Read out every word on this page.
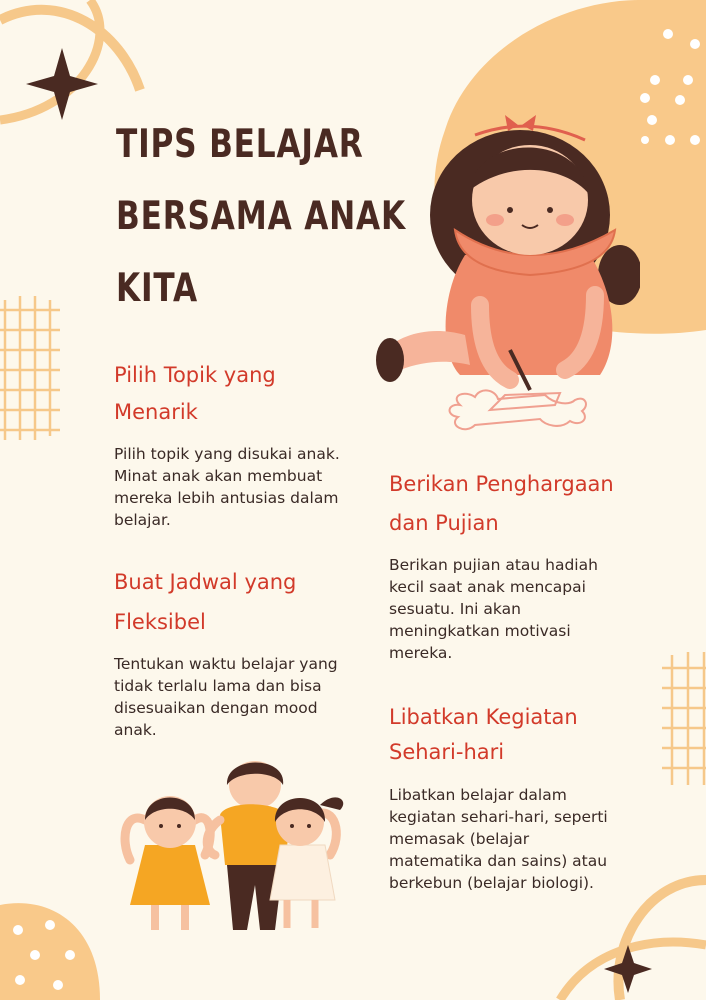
TIPS BELAJAR
BERSAMA ANAK
KITA
Pilih Topik yang
Menarik
Pilih topik yang disukai anak.
Minat anak akan membuat
mereka lebih antusias dalam
belajar.
Buat Jadwal yang
Fleksibel
Tentukan waktu belajar yang
tidak terlalu lama dan bisa
disesuaikan dengan mood
anak.
Berikan Penghargaan
dan Pujian
Berikan pujian atau hadiah
kecil saat anak mencapai
sesuatu. Ini akan
meningkatkan motivasi
mereka.
Libatkan Kegiatan
Sehari-hari
Libatkan belajar dalam
kegiatan sehari-hari, seperti
memasak (belajar
matematika dan sains) atau
berkebun (belajar biologi).
